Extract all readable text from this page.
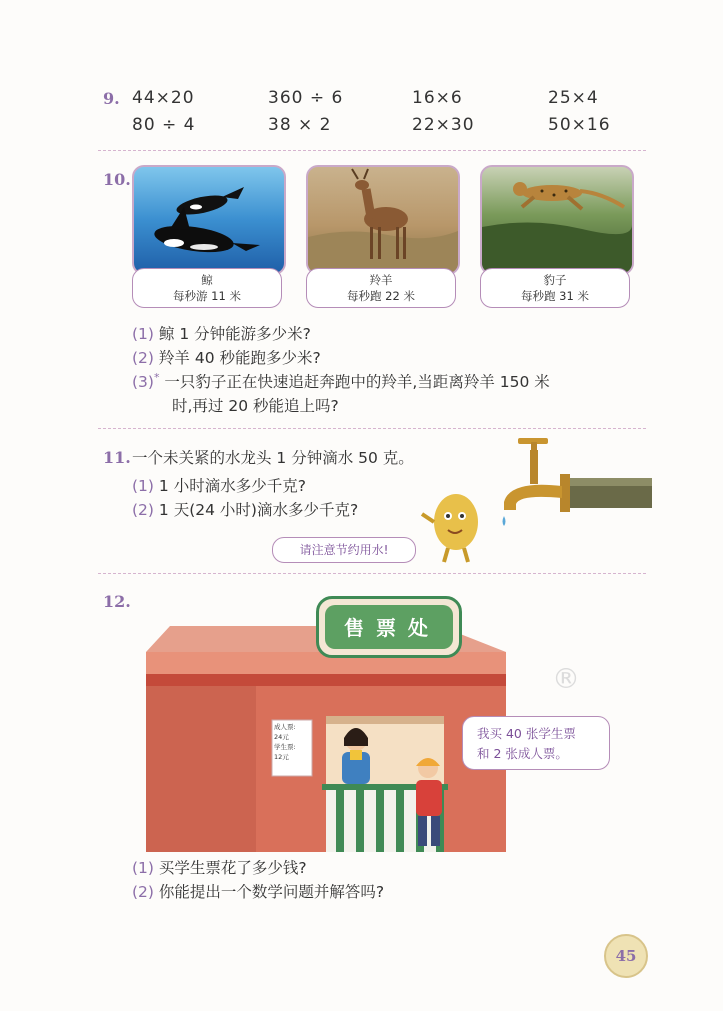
9. 44×20	360 ÷ 6	16×6	25×4
80 ÷ 4	38 × 2	22×30	50×16
10.
鲸
每秒游 11 米
羚羊
每秒跑 22 米
豹子
每秒跑 31 米
(1) 鲸 1 分钟能游多少米?
(2) 羚羊 40 秒能跑多少米?
(3)* 一只豹子正在快速追赶奔跑中的羚羊,当距离羚羊 150 米
时,再过 20 秒能追上吗?
11. 一个未关紧的水龙头 1 分钟滴水 50 克。
(1) 1 小时滴水多少千克?
(2) 1 天(24 小时)滴水多少千克?
请注意节约用水!
12.
售票处
成人票:
24元
学生票:
12元
我买 40 张学生票
和 2 张成人票。
®
(1) 买学生票花了多少钱?
(2) 你能提出一个数学问题并解答吗?
45
